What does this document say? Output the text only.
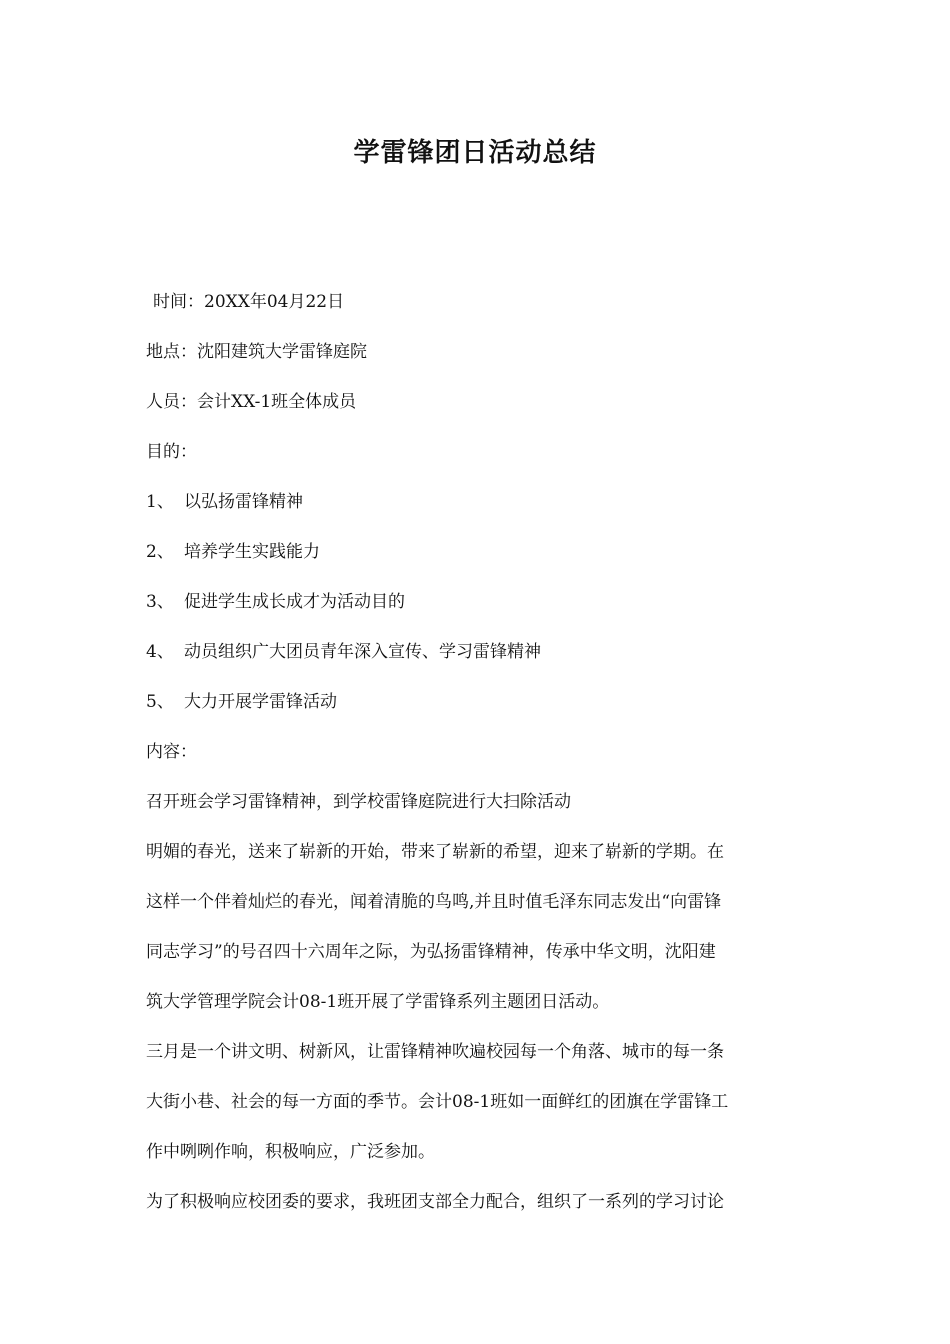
学雷锋团日活动总结
时间：20XX年04月22日
地点：沈阳建筑大学雷锋庭院
人员：会计XX-1班全体成员
目的：
1、 以弘扬雷锋精神
2、 培养学生实践能力
3、 促进学生成长成才为活动目的
4、 动员组织广大团员青年深入宣传、学习雷锋精神
5、 大力开展学雷锋活动
内容：
召开班会学习雷锋精神，到学校雷锋庭院进行大扫除活动
明媚的春光，送来了崭新的开始，带来了崭新的希望，迎来了崭新的学期。在
这样一个伴着灿烂的春光，闻着清脆的鸟鸣,并且时值毛泽东同志发出“向雷锋
同志学习”的号召四十六周年之际，为弘扬雷锋精神，传承中华文明，沈阳建
筑大学管理学院会计08-1班开展了学雷锋系列主题团日活动。
三月是一个讲文明、树新风，让雷锋精神吹遍校园每一个角落、城市的每一条
大街小巷、社会的每一方面的季节。会计08-1班如一面鲜红的团旗在学雷锋工
作中咧咧作响，积极响应，广泛参加。
为了积极响应校团委的要求，我班团支部全力配合，组织了一系列的学习讨论
